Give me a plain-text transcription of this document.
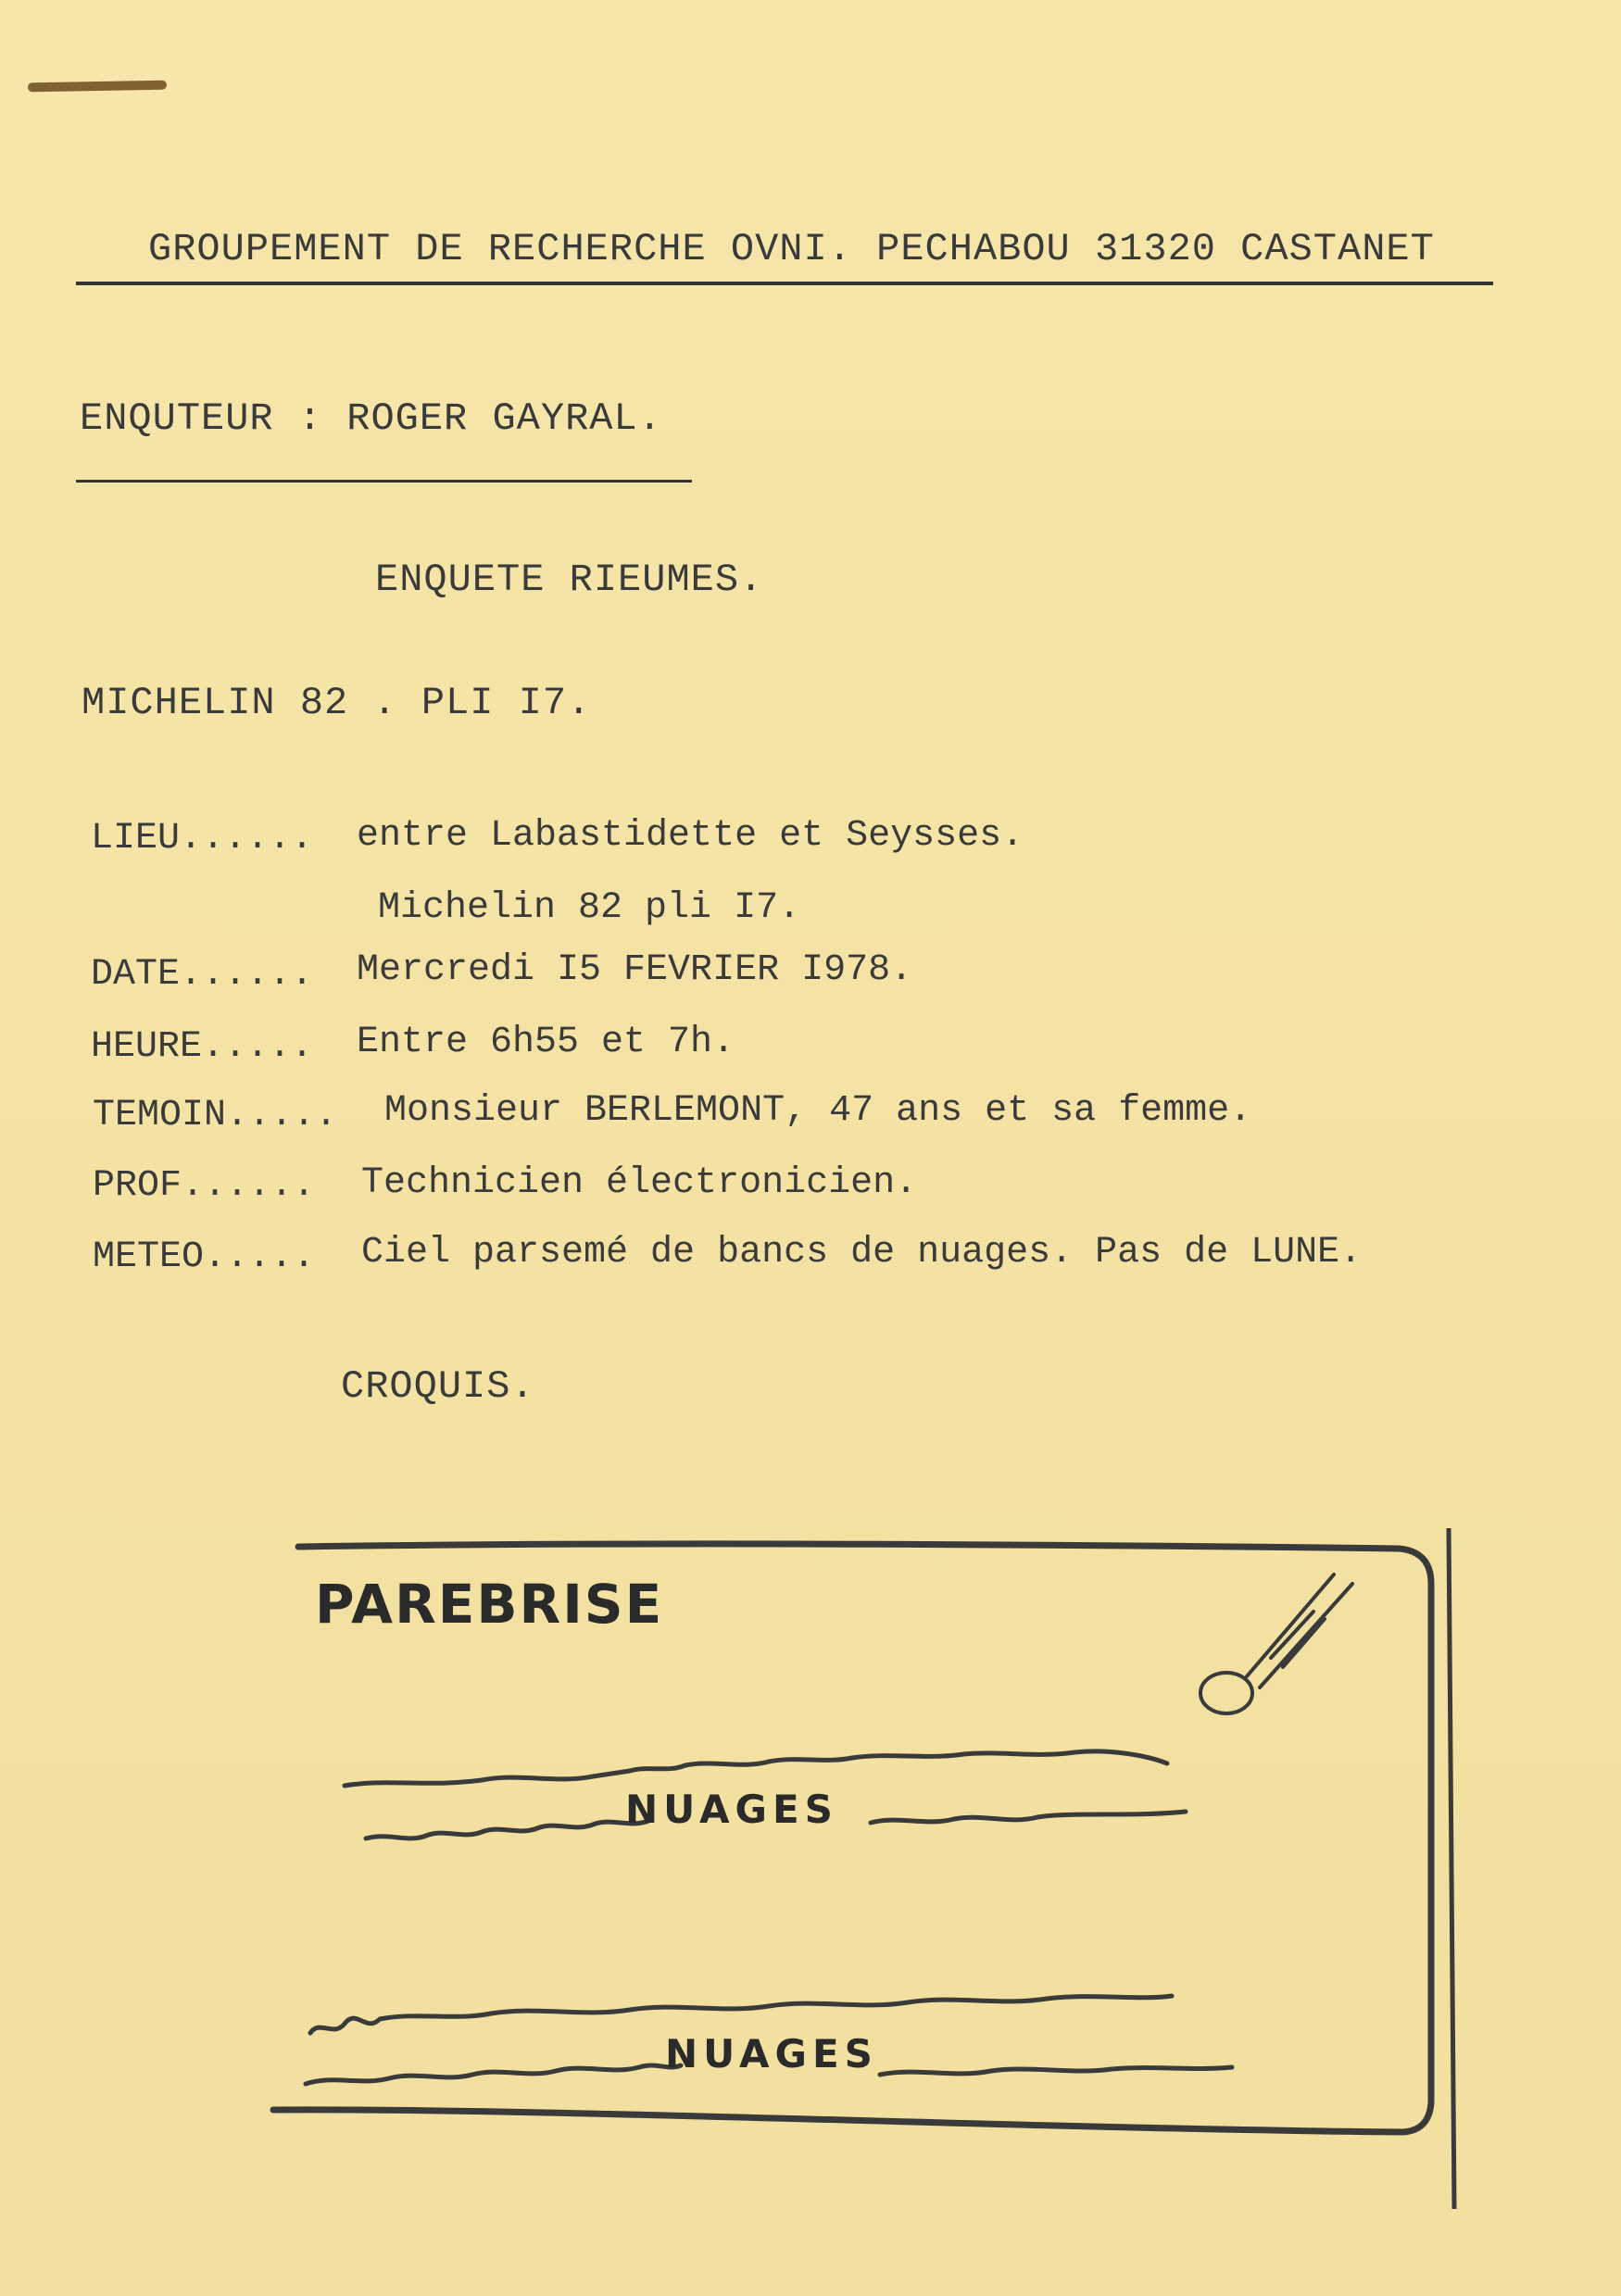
GROUPEMENT DE RECHERCHE OVNI. PECHABOU 31320 CASTANET
ENQUTEUR : ROGER GAYRAL.
ENQUETE RIEUMES.
MICHELIN 82 . PLI I7.
LIEU...... entre Labastidette et Seysses.
Michelin 82 pli I7.
DATE...... Mercredi I5 FEVRIER I978.
HEURE..... Entre 6h55 et 7h.
TEMOIN..... Monsieur BERLEMONT, 47 ans et sa femme.
PROF...... Technicien électronicien.
METEO..... Ciel parsemé de bancs de nuages. Pas de LUNE.
CROQUIS.
NUAGES
NUAGES
PAREBRISE
